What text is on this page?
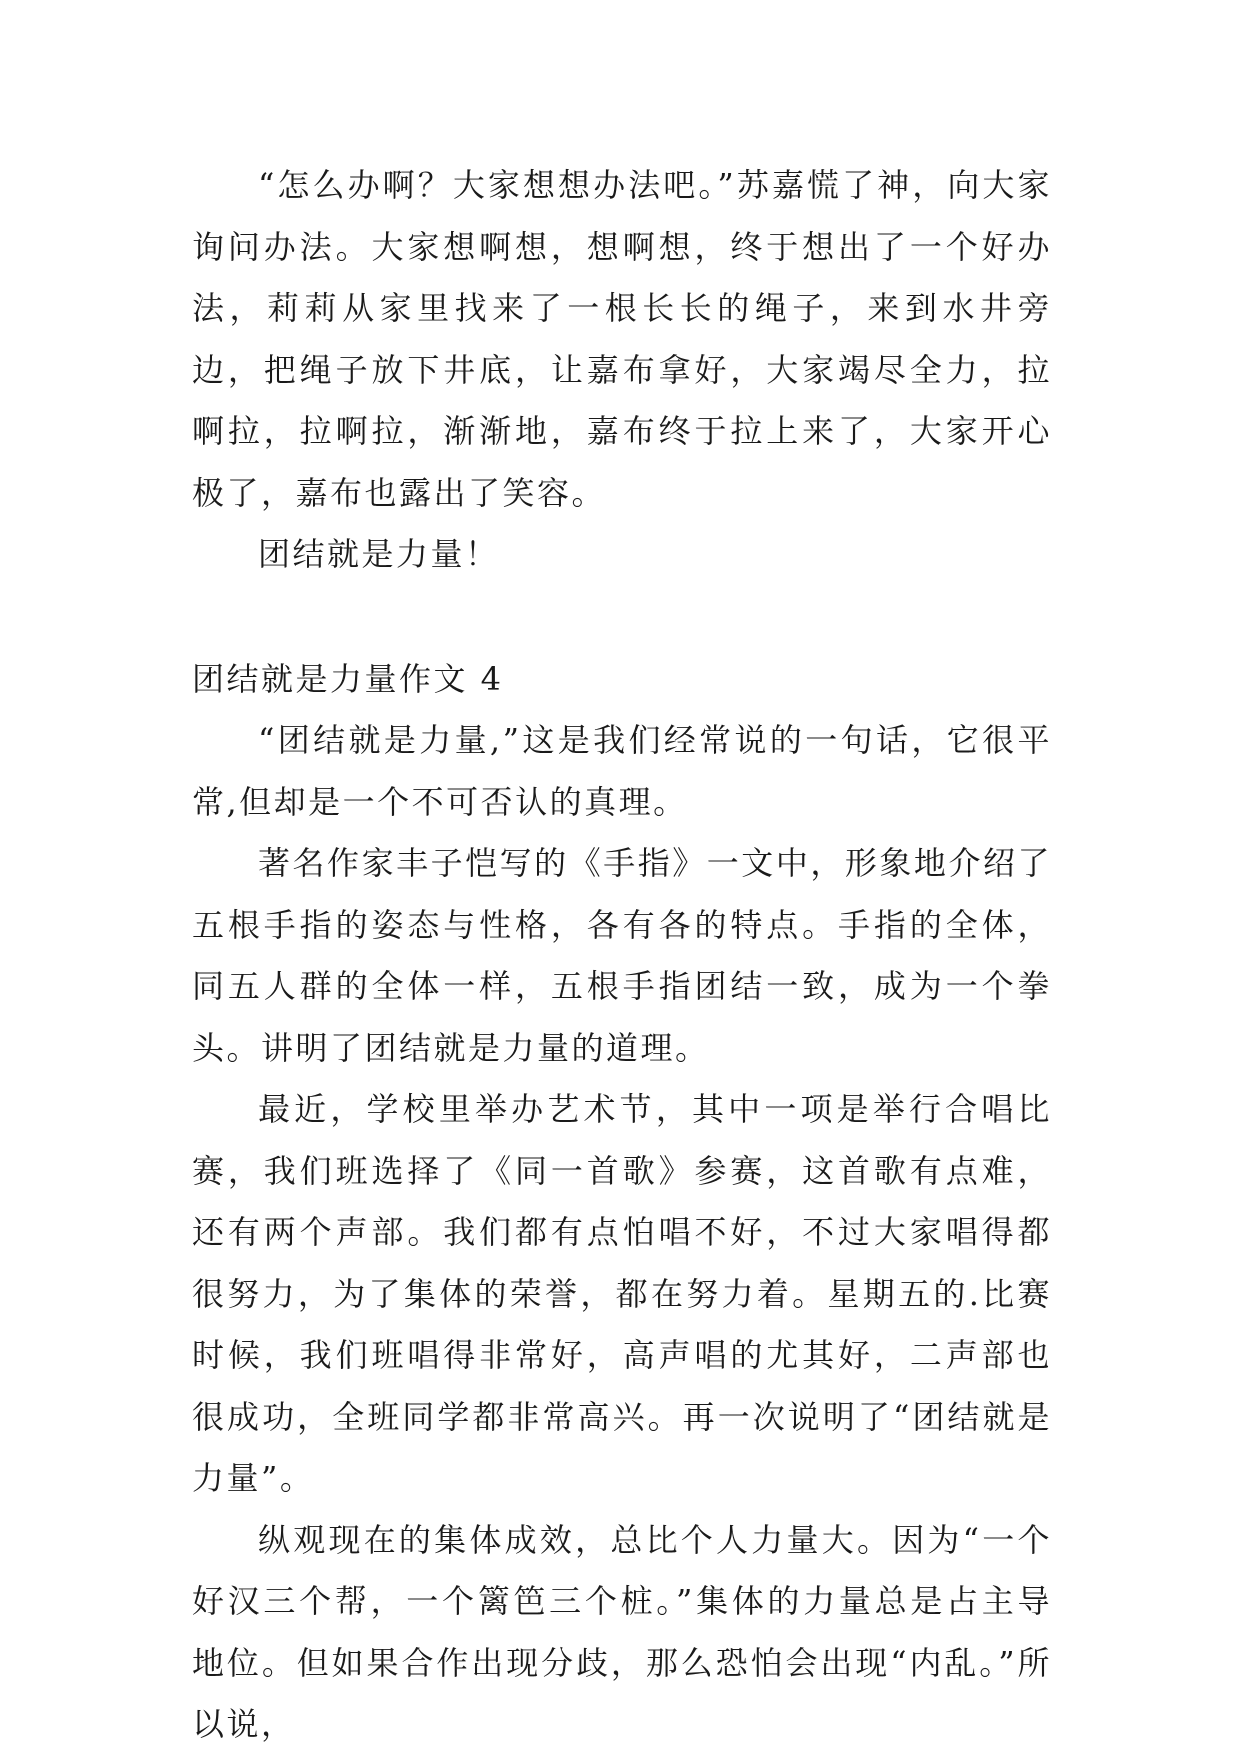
“怎么办啊？大家想想办法吧。”苏嘉慌了神，向大家询问办法。大家想啊想，想啊想，终于想出了一个好办法，莉莉从家里找来了一根长长的绳子，来到水井旁边，把绳子放下井底，让嘉布拿好，大家竭尽全力，拉啊拉，拉啊拉，渐渐地，嘉布终于拉上来了，大家开心极了，嘉布也露出了笑容。

团结就是力量！

团结就是力量作文 4

“团结就是力量,”这是我们经常说的一句话，它很平常,但却是一个不可否认的真理。

著名作家丰子恺写的《手指》一文中，形象地介绍了五根手指的姿态与性格，各有各的特点。手指的全体，同五人群的全体一样，五根手指团结一致，成为一个拳头。讲明了团结就是力量的道理。

最近，学校里举办艺术节，其中一项是举行合唱比赛，我们班选择了《同一首歌》参赛，这首歌有点难，还有两个声部。我们都有点怕唱不好，不过大家唱得都很努力，为了集体的荣誉，都在努力着。星期五的.比赛时候，我们班唱得非常好，高声唱的尤其好，二声部也很成功，全班同学都非常高兴。再一次说明了“团结就是力量”。

纵观现在的集体成效，总比个人力量大。因为“一个好汉三个帮，一个篱笆三个桩。”集体的力量总是占主导地位。但如果合作出现分歧，那么恐怕会出现“内乱。”所以说，
